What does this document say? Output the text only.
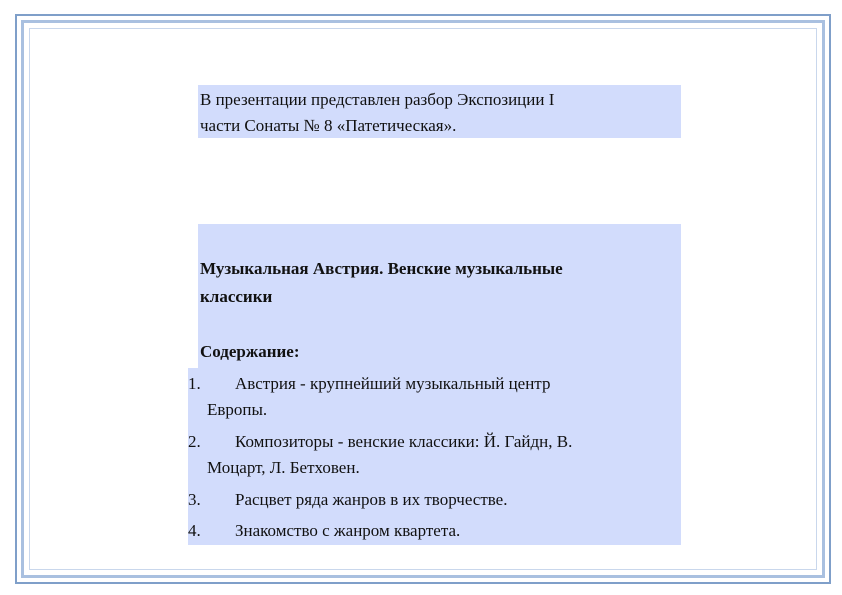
В презентации представлен разбор Экспозиции I
части Сонаты № 8 «Патетическая».
Музыкальная Австрия. Венские музыкальные
классики
Содержание:
1.	Австрия - крупнейший музыкальный центр
Европы.
2.	Композиторы - венские классики: Й. Гайдн, В.
Моцарт, Л. Бетховен.
3.	Расцвет ряда жанров в их творчестве.
4.	Знакомство с жанром квартета.
